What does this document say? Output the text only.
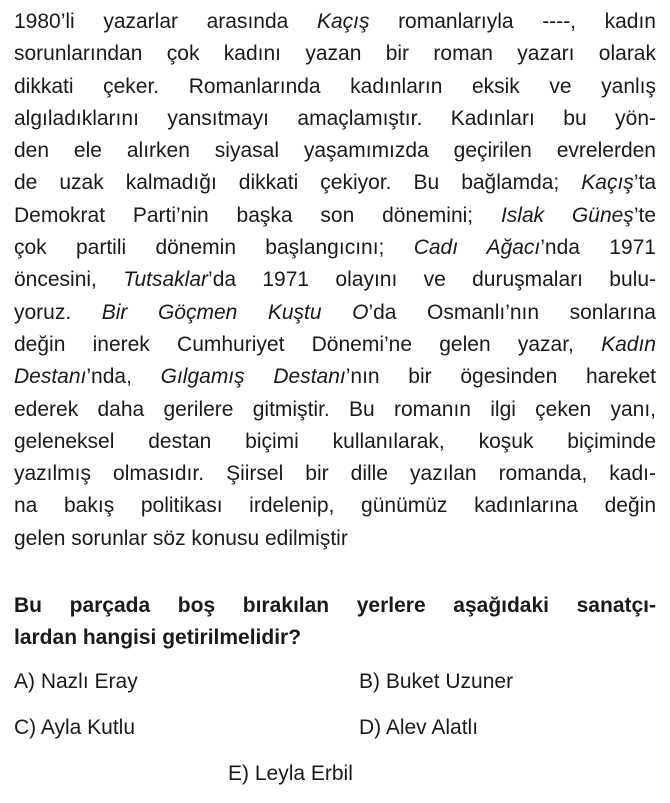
1980’li yazarlar arasında Kaçış romanlarıyla ----, kadın
sorunlarından çok kadını yazan bir roman yazarı olarak
dikkati çeker. Romanlarında kadınların eksik ve yanlış
algıladıklarını yansıtmayı amaçlamıştır. Kadınları bu yön-
den ele alırken siyasal yaşamımızda geçirilen evrelerden
de uzak kalmadığı dikkati çekiyor. Bu bağlamda; Kaçış’ta
Demokrat Parti’nin başka son dönemini; Islak Güneş’te
çok partili dönemin başlangıcını; Cadı Ağacı’nda 1971
öncesini, Tutsaklar’da 1971 olayını ve duruşmaları bulu-
yoruz. Bir Göçmen Kuştu O’da Osmanlı’nın sonlarına
değin inerek Cumhuriyet Dönemi’ne gelen yazar, Kadın
Destanı’nda, Gılgamış Destanı’nın bir ögesinden hareket
ederek daha gerilere gitmiştir. Bu romanın ilgi çeken yanı,
geleneksel destan biçimi kullanılarak, koşuk biçiminde
yazılmış olmasıdır. Şiirsel bir dille yazılan romanda, kadı-
na bakış politikası irdelenip, günümüz kadınlarına değin
gelen sorunlar söz konusu edilmiştir
Bu parçada boş bırakılan yerlere aşağıdaki sanatçı-
lardan hangisi getirilmelidir?
A) Nazlı Eray	B) Buket Uzuner
C) Ayla Kutlu	D) Alev Alatlı
E) Leyla Erbil
